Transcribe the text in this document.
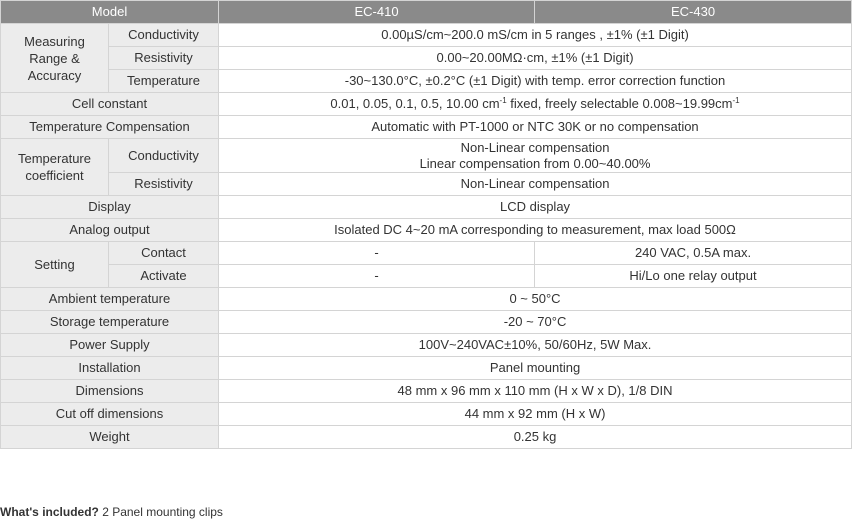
Model		EC-410	EC-430
Measuring Range & Accuracy	Conductivity	0.00µS/cm~200.0 mS/cm in 5 ranges , ±1% (±1 Digit)	
	Resistivity	0.00~20.00MΩ·cm, ±1% (±1 Digit)	
	Temperature	-30~130.0°C, ±0.2°C (±1 Digit) with temp. error correction function	
Cell constant		0.01, 0.05, 0.1, 0.5, 10.00 $cm^{-1}$ fixed, freely selectable $0.008\sim 19.99cm^{-1}$
Temperature Compensation		Automatic with PT-1000 or NTC 30K or no compensation	
Temperature coefficient	Conductivity	Non-Linear compensation
Linear compensation from 0.00~40.00%	

	Resistivity	Non-Linear compensation	
Display		LCD display	
Analog output		Isolated DC 4~20 mA corresponding to measurement, max load 500Ω	
Setting	Contact	-	240 VAC, 0.5A max.
	Activate	-	Hi/Lo one relay output
Ambient temperature		0 ~ 50°C	
Storage temperature		-20 ~ 70°C	
Power Supply		100V~240VAC±10%, 50/60Hz, 5W Max.	
Installation		Panel mounting	
Dimensions		48 mm x 96 mm x 110 mm (H x W x D), 1/8 DIN	
Cut off dimensions		44 mm x 92 mm (H x W)	
Weight		0.25 kg	
What's included? 2 Panel mounting clips
